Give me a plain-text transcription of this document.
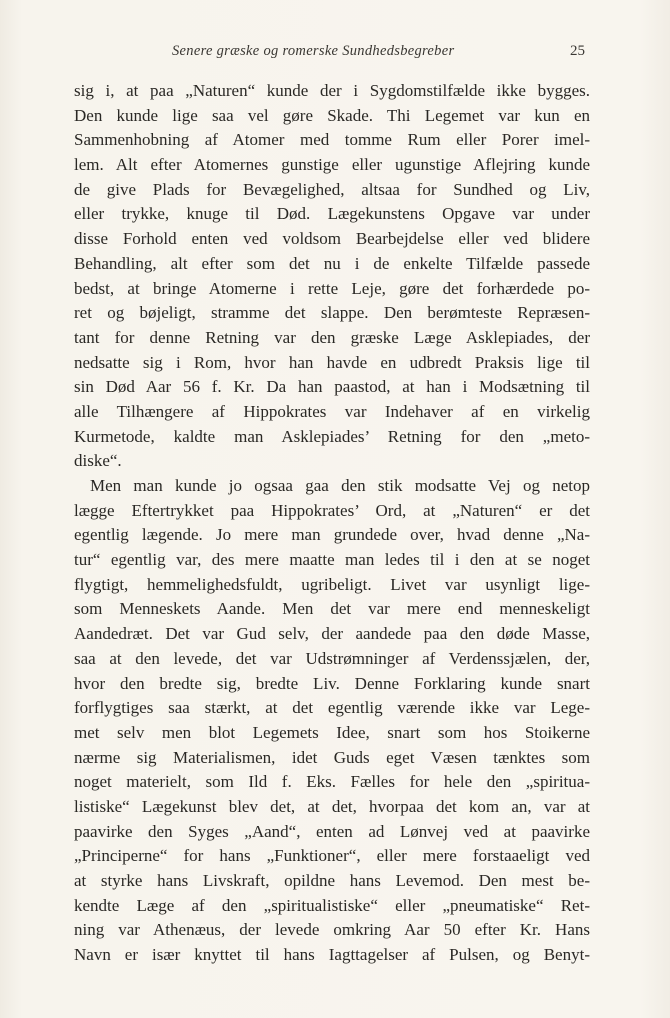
Senere græske og romerske Sundhedsbegreber	25
sig i, at paa „Naturen“ kunde der i Sygdomstilfælde ikke bygges.
Den kunde lige saa vel gøre Skade. Thi Legemet var kun en
Sammenhobning af Atomer med tomme Rum eller Porer imel-
lem. Alt efter Atomernes gunstige eller ugunstige Aflejring kunde
de give Plads for Bevægelighed, altsaa for Sundhed og Liv,
eller trykke, knuge til Død. Lægekunstens Opgave var under
disse Forhold enten ved voldsom Bearbejdelse eller ved blidere
Behandling, alt efter som det nu i de enkelte Tilfælde passede
bedst, at bringe Atomerne i rette Leje, gøre det forhærdede po-
ret og bøjeligt, stramme det slappe. Den berømteste Repræsen-
tant for denne Retning var den græske Læge Asklepiades, der
nedsatte sig i Rom, hvor han havde en udbredt Praksis lige til
sin Død Aar 56 f. Kr. Da han paastod, at han i Modsætning til
alle Tilhængere af Hippokrates var Indehaver af en virkelig
Kurmetode, kaldte man Asklepiades’ Retning for den „meto-
diske“.
Men man kunde jo ogsaa gaa den stik modsatte Vej og netop
lægge Eftertrykket paa Hippokrates’ Ord, at „Naturen“ er det
egentlig lægende. Jo mere man grundede over, hvad denne „Na-
tur“ egentlig var, des mere maatte man ledes til i den at se noget
flygtigt, hemmelighedsfuldt, ugribeligt. Livet var usynligt lige-
som Menneskets Aande. Men det var mere end menneskeligt
Aandedræt. Det var Gud selv, der aandede paa den døde Masse,
saa at den levede, det var Udstrømninger af Verdenssjælen, der,
hvor den bredte sig, bredte Liv. Denne Forklaring kunde snart
forflygtiges saa stærkt, at det egentlig værende ikke var Lege-
met selv men blot Legemets Idee, snart som hos Stoikerne
nærme sig Materialismen, idet Guds eget Væsen tænktes som
noget materielt, som Ild f. Eks. Fælles for hele den „spiritua-
listiske“ Lægekunst blev det, at det, hvorpaa det kom an, var at
paavirke den Syges „Aand“, enten ad Lønvej ved at paavirke
„Principerne“ for hans „Funktioner“, eller mere forstaaeligt ved
at styrke hans Livskraft, opildne hans Levemod. Den mest be-
kendte Læge af den „spiritualistiske“ eller „pneumatiske“ Ret-
ning var Athenæus, der levede omkring Aar 50 efter Kr. Hans
Navn er især knyttet til hans Iagttagelser af Pulsen, og Benyt-
